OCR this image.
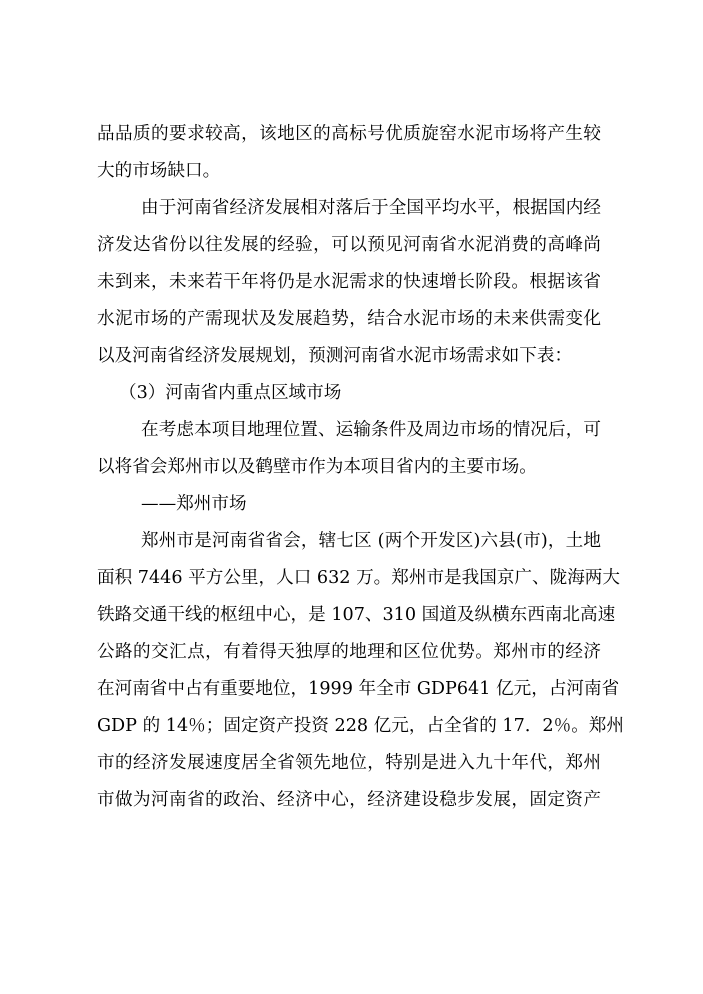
品品质的要求较高，该地区的高标号优质旋窑水泥市场将产生较
大的市场缺口。
由于河南省经济发展相对落后于全国平均水平，根据国内经
济发达省份以往发展的经验，可以预见河南省水泥消费的高峰尚
未到来，未来若干年将仍是水泥需求的快速增长阶段。根据该省
水泥市场的产需现状及发展趋势，结合水泥市场的未来供需变化
以及河南省经济发展规划，预测河南省水泥市场需求如下表：
（3）河南省内重点区域市场
在考虑本项目地理位置、运输条件及周边市场的情况后，可
以将省会郑州市以及鹤壁市作为本项目省内的主要市场。
——郑州市场
郑州市是河南省省会，辖七区 (两个开发区)六县(市)，土地
面积 7446 平方公里，人口 632 万。郑州市是我国京广、陇海两大
铁路交通干线的枢纽中心，是 107、310 国道及纵横东西南北高速
公路的交汇点，有着得天独厚的地理和区位优势。郑州市的经济
在河南省中占有重要地位，1999 年全市 GDP641 亿元，占河南省
GDP 的 14％；固定资产投资 228 亿元，占全省的 17．2％。郑州
市的经济发展速度居全省领先地位，特别是进入九十年代，郑州
市做为河南省的政治、经济中心，经济建设稳步发展，固定资产
